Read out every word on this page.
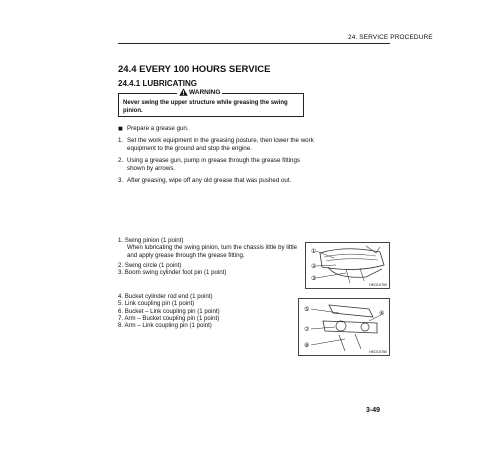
24. SERVICE PROCEDURE
24.4 EVERY 100 HOURS SERVICE
24.4.1 LUBRICATING
WARNING
Never swing the upper structure while greasing the swing pinion.
■ Prepare a grease gun.
1. Set the work equipment in the greasing posture, then lower the work equipment to the ground and stop the engine.
2. Using a grease gun, pump in grease through the grease fittings shown by arrows.
3. After greasing, wipe off any old grease that was pushed out.
1. Swing pinion (1 point)
When lubricating the swing pinion, turn the chassis little by little and apply grease through the grease fitting.
2. Swing circle (1 point)
3. Boom swing cylinder foot pin (1 point)
4. Bucket cylinder rod end (1 point)
5. Link coupling pin (1 point)
6. Bucket – Link coupling pin (1 point)
7. Arm – Bucket coupling pin (1 point)
8. Arm – Link coupling pin (1 point)
①
②
③
HEO1X760
⑤
④
⑦
⑧
HEO1X780
3-49
